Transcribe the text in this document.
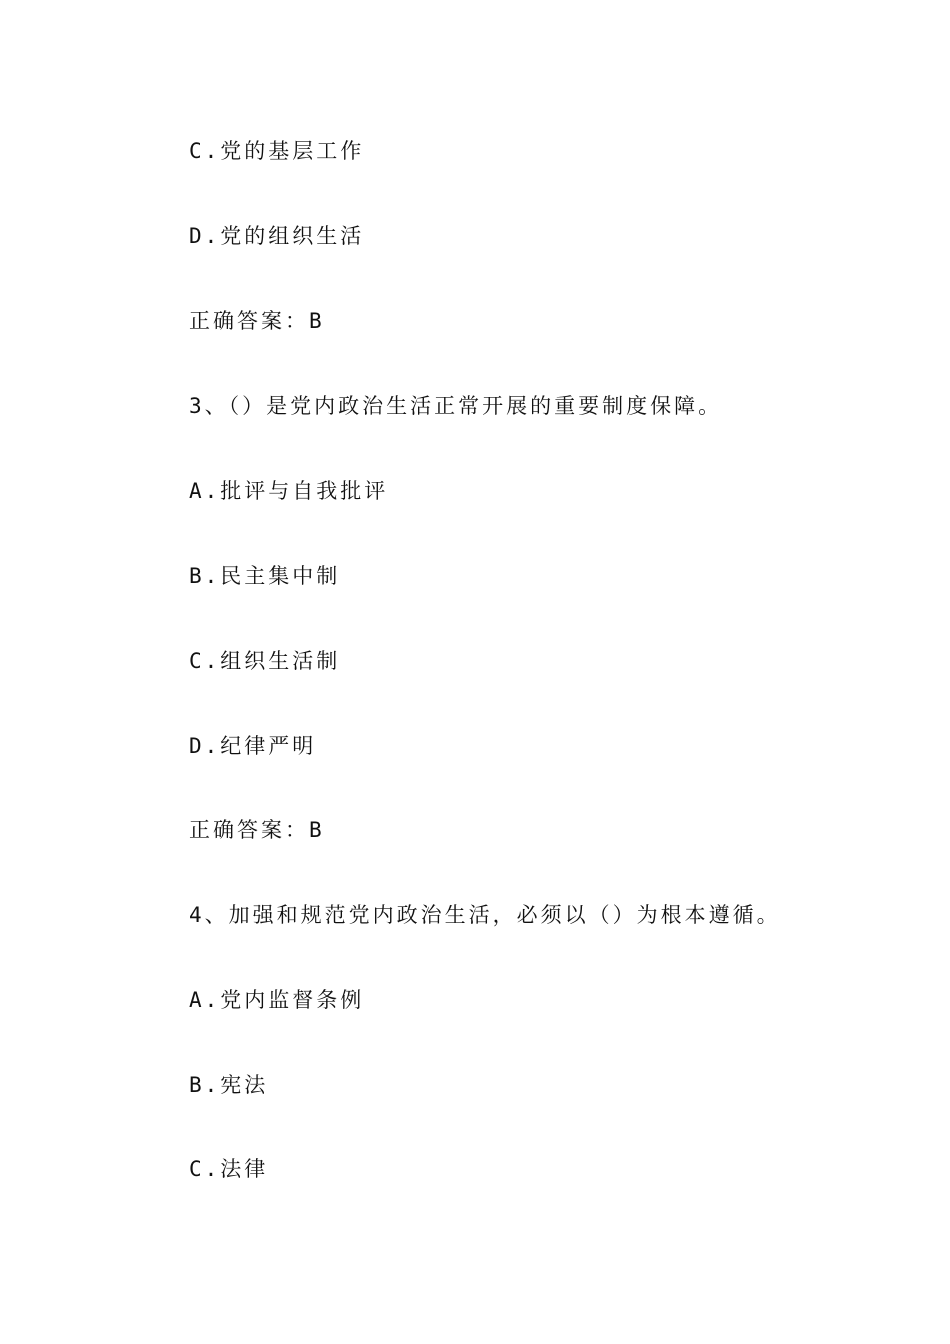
C.党的基层工作
D.党的组织生活
正确答案：B
3、（）是党内政治生活正常开展的重要制度保障。
A.批评与自我批评
B.民主集中制
C.组织生活制
D.纪律严明
正确答案：B
4、加强和规范党内政治生活，必须以（）为根本遵循。
A.党内监督条例
B.宪法
C.法律
